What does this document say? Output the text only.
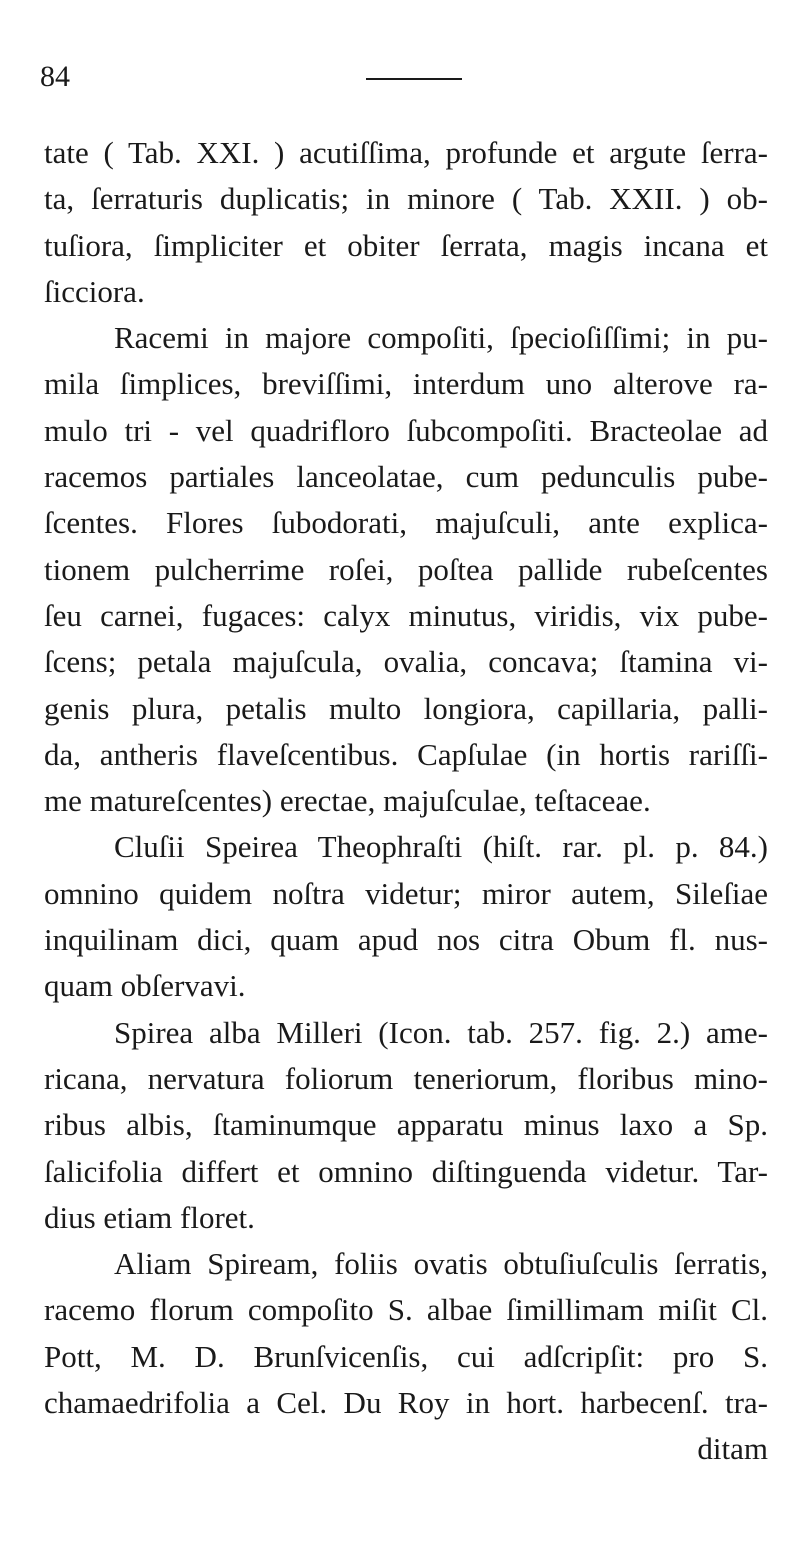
84
tate ( Tab. XXI. ) acutiſſima, profunde et argute ſerra-
ta, ſerraturis duplicatis; in minore ( Tab. XXII. ) ob-
tuſiora, ſimpliciter et obiter ſerrata, magis incana et
ſicciora.
Racemi in majore compoſiti, ſpecioſiſſimi; in pu-
mila ſimplices, breviſſimi, interdum uno alterove ra-
mulo tri - vel quadrifloro ſubcompoſiti. Bracteolae ad
racemos partiales lanceolatae, cum pedunculis pube-
ſcentes. Flores ſubodorati, majuſculi, ante explica-
tionem pulcherrime roſei, poſtea pallide rubeſcentes
ſeu carnei, fugaces: calyx minutus, viridis, vix pube-
ſcens; petala majuſcula, ovalia, concava; ſtamina vi-
genis plura, petalis multo longiora, capillaria, palli-
da, antheris flaveſcentibus. Capſulae (in hortis rariſſi-
me matureſcentes) erectae, majuſculae, teſtaceae.
Cluſii Speirea Theophraſti (hiſt. rar. pl. p. 84.)
omnino quidem noſtra videtur; miror autem, Sileſiae
inquilinam dici, quam apud nos citra Obum fl. nus-
quam obſervavi.
Spirea alba Milleri (Icon. tab. 257. fig. 2.) ame-
ricana, nervatura foliorum teneriorum, floribus mino-
ribus albis, ſtaminumque apparatu minus laxo a Sp.
ſalicifolia differt et omnino diſtinguenda videtur. Tar-
dius etiam floret.
Aliam Spiream, foliis ovatis obtuſiuſculis ſerratis,
racemo florum compoſito S. albae ſimillimam miſit Cl.
Pott, M. D. Brunſvicenſis, cui adſcripſit: pro S.
chamaedrifolia a Cel. Du Roy in hort. harbecenſ. tra-
ditam
